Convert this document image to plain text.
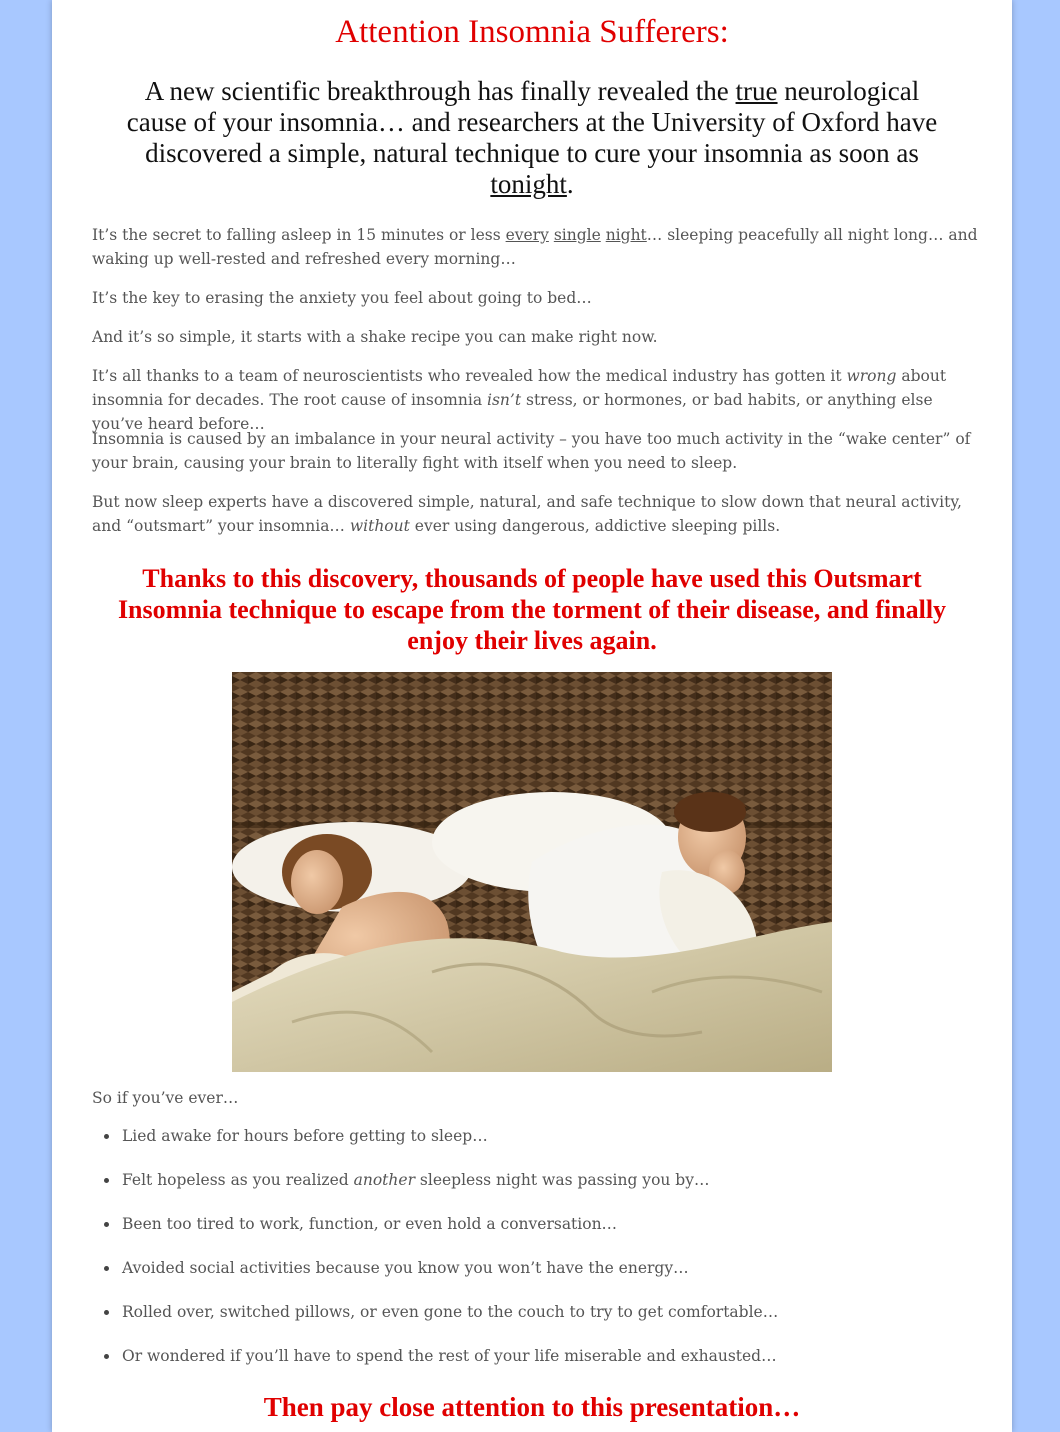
Attention Insomnia Sufferers:

A new scientific breakthrough has finally revealed the true neurological cause of your insomnia… and researchers at the University of Oxford have discovered a simple, natural technique to cure your insomnia as soon as tonight.

It’s the secret to falling asleep in 15 minutes or less every single night… sleeping peacefully all night long… and waking up well-rested and refreshed every morning…

It’s the key to erasing the anxiety you feel about going to bed…

And it’s so simple, it starts with a shake recipe you can make right now.

It’s all thanks to a team of neuroscientists who revealed how the medical industry has gotten it wrong about insomnia for decades. The root cause of insomnia isn’t stress, or hormones, or bad habits, or anything else you’ve heard before…

Insomnia is caused by an imbalance in your neural activity – you have too much activity in the “wake center” of your brain, causing your brain to literally fight with itself when you need to sleep.

But now sleep experts have a discovered simple, natural, and safe technique to slow down that neural activity, and “outsmart” your insomnia… without ever using dangerous, addictive sleeping pills.

Thanks to this discovery, thousands of people have used this Outsmart Insomnia technique to escape from the torment of their disease, and finally enjoy their lives again.

So if you’ve ever…

Lied awake for hours before getting to sleep…
Felt hopeless as you realized another sleepless night was passing you by…
Been too tired to work, function, or even hold a conversation…
Avoided social activities because you know you won’t have the energy…
Rolled over, switched pillows, or even gone to the couch to try to get comfortable…
Or wondered if you’ll have to spend the rest of your life miserable and exhausted…
Then pay close attention to this presentation…
